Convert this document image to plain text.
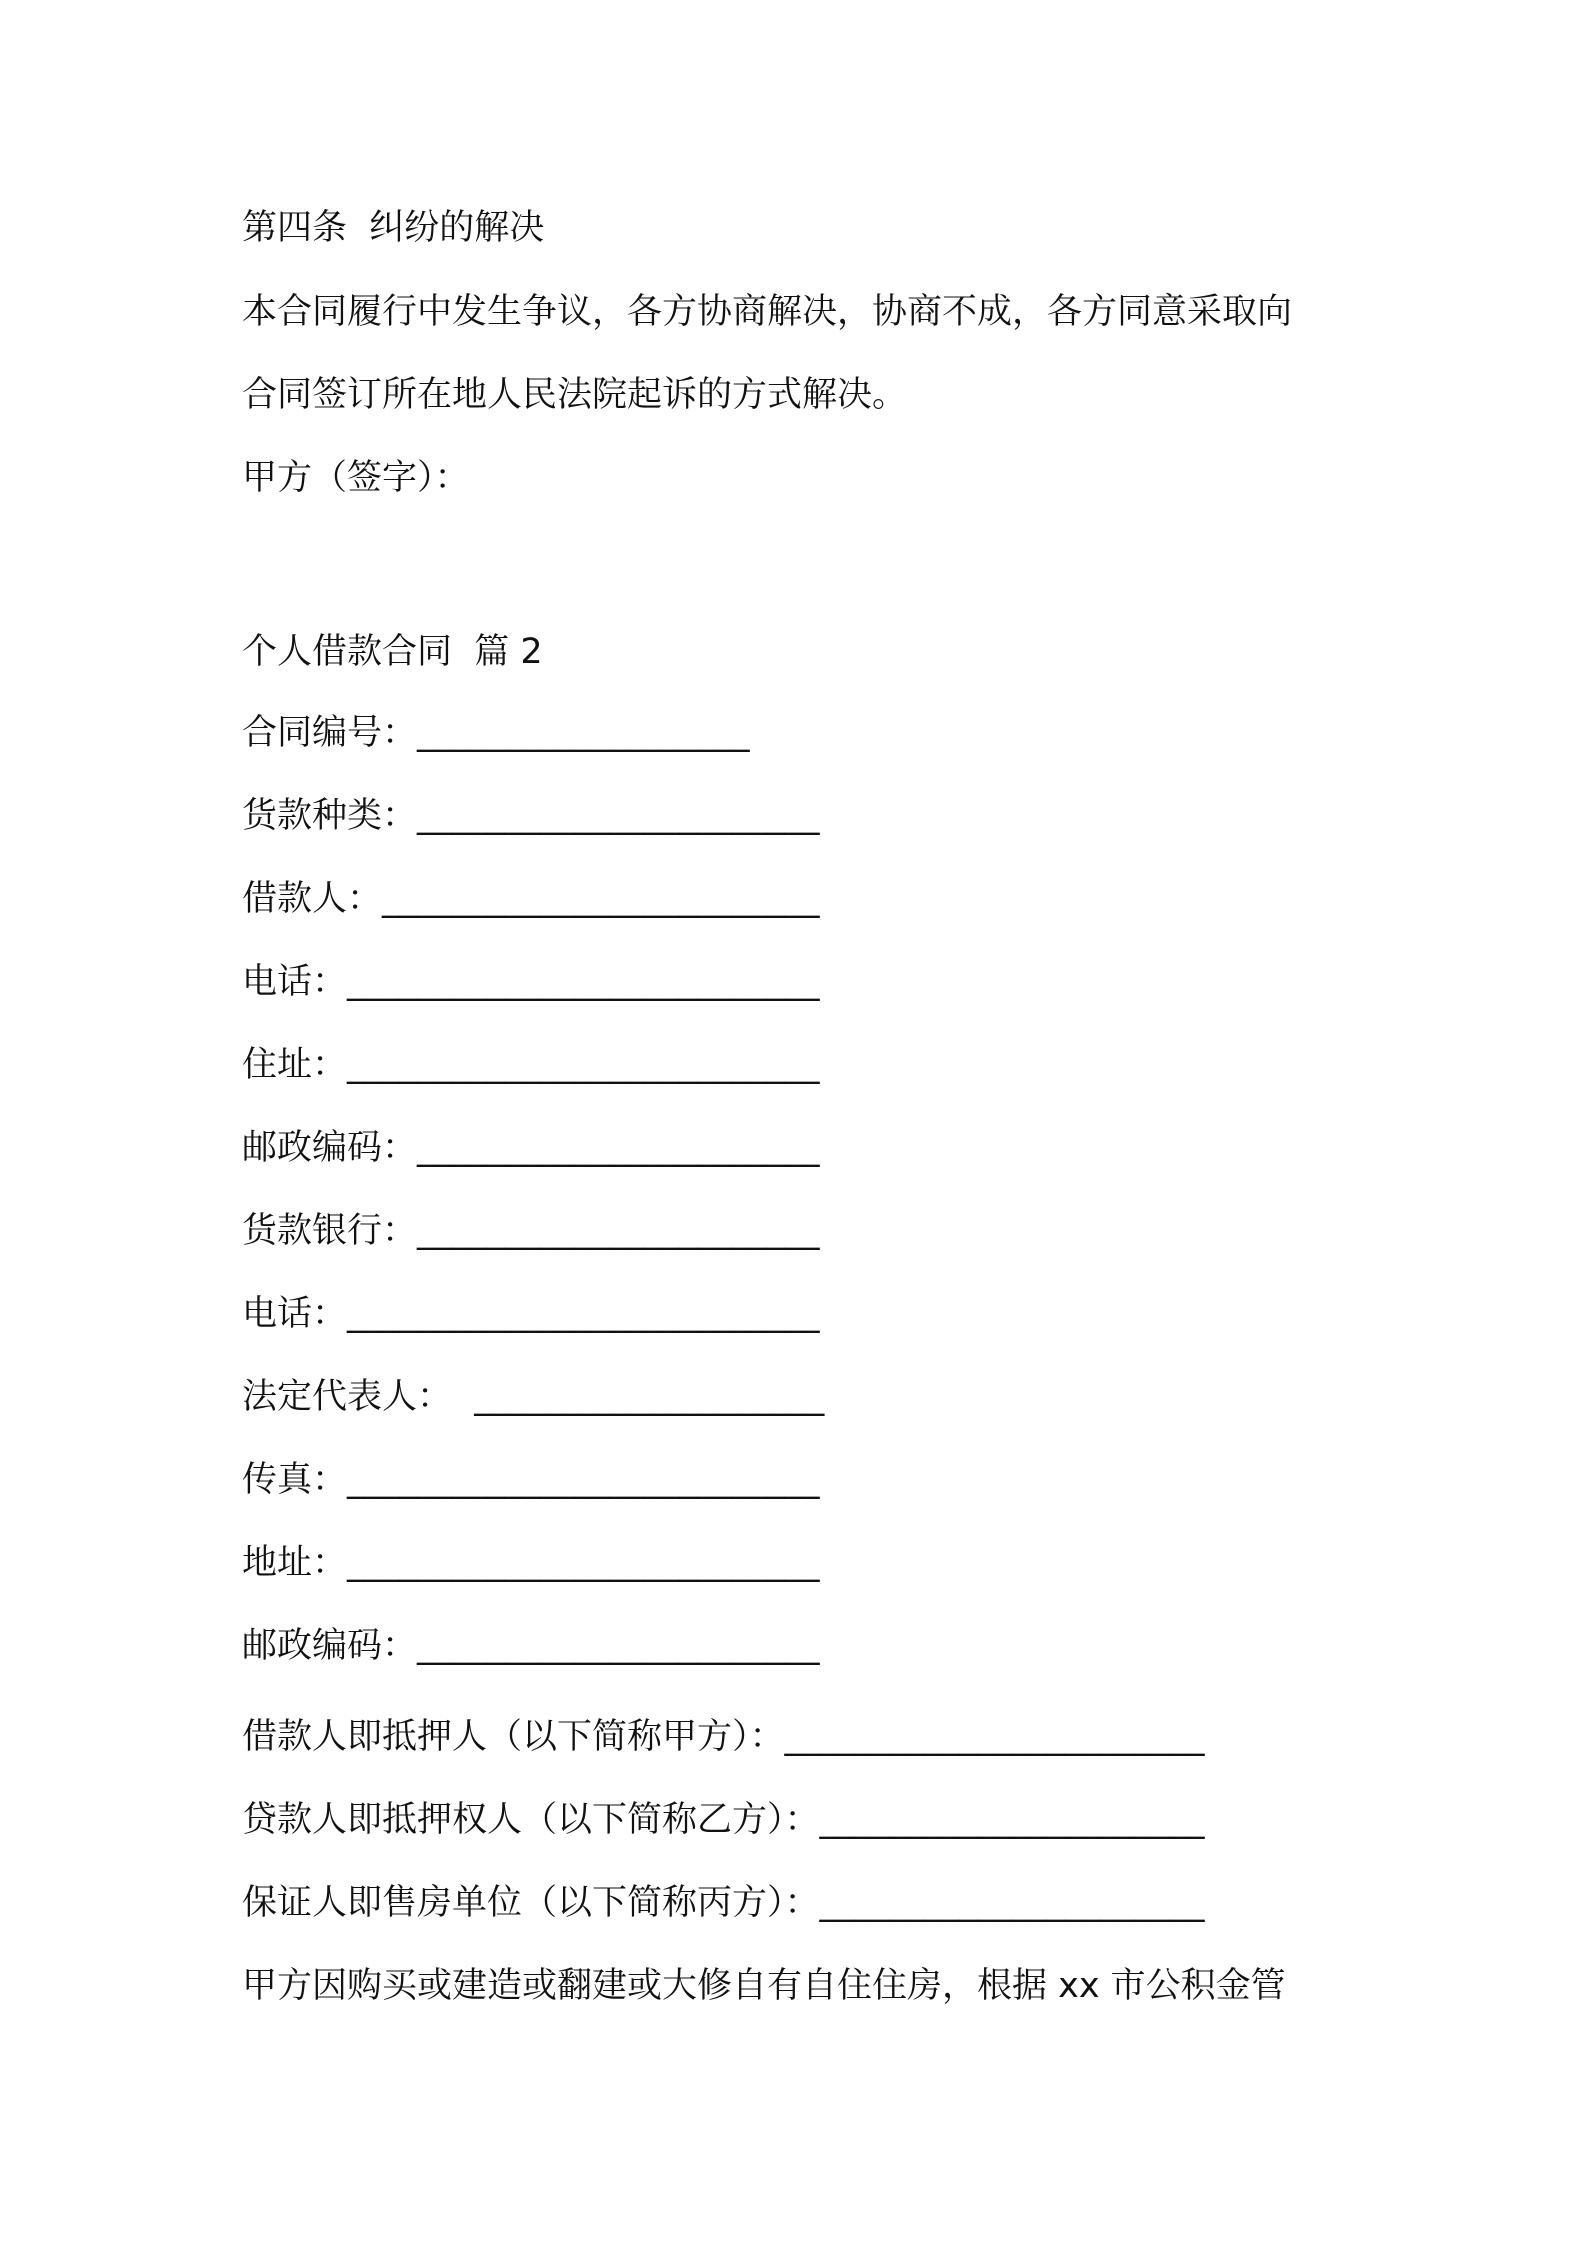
第四条  纠纷的解决
本合同履行中发生争议，各方协商解决，协商不成，各方同意采取向
合同签订所在地人民法院起诉的方式解决。
甲方（签字）：
个人借款合同  篇 2
合同编号：___________________
货款种类：_______________________
借款人：_________________________
电话：___________________________
住址：___________________________
邮政编码：_______________________
货款银行：_______________________
电话：___________________________
法定代表人：  ____________________
传真：___________________________
地址：___________________________
邮政编码：_______________________
借款人即抵押人（以下简称甲方）：________________________
贷款人即抵押权人（以下简称乙方）：______________________
保证人即售房单位（以下简称丙方）：______________________
甲方因购买或建造或翻建或大修自有自住住房，根据 xx 市公积金管
